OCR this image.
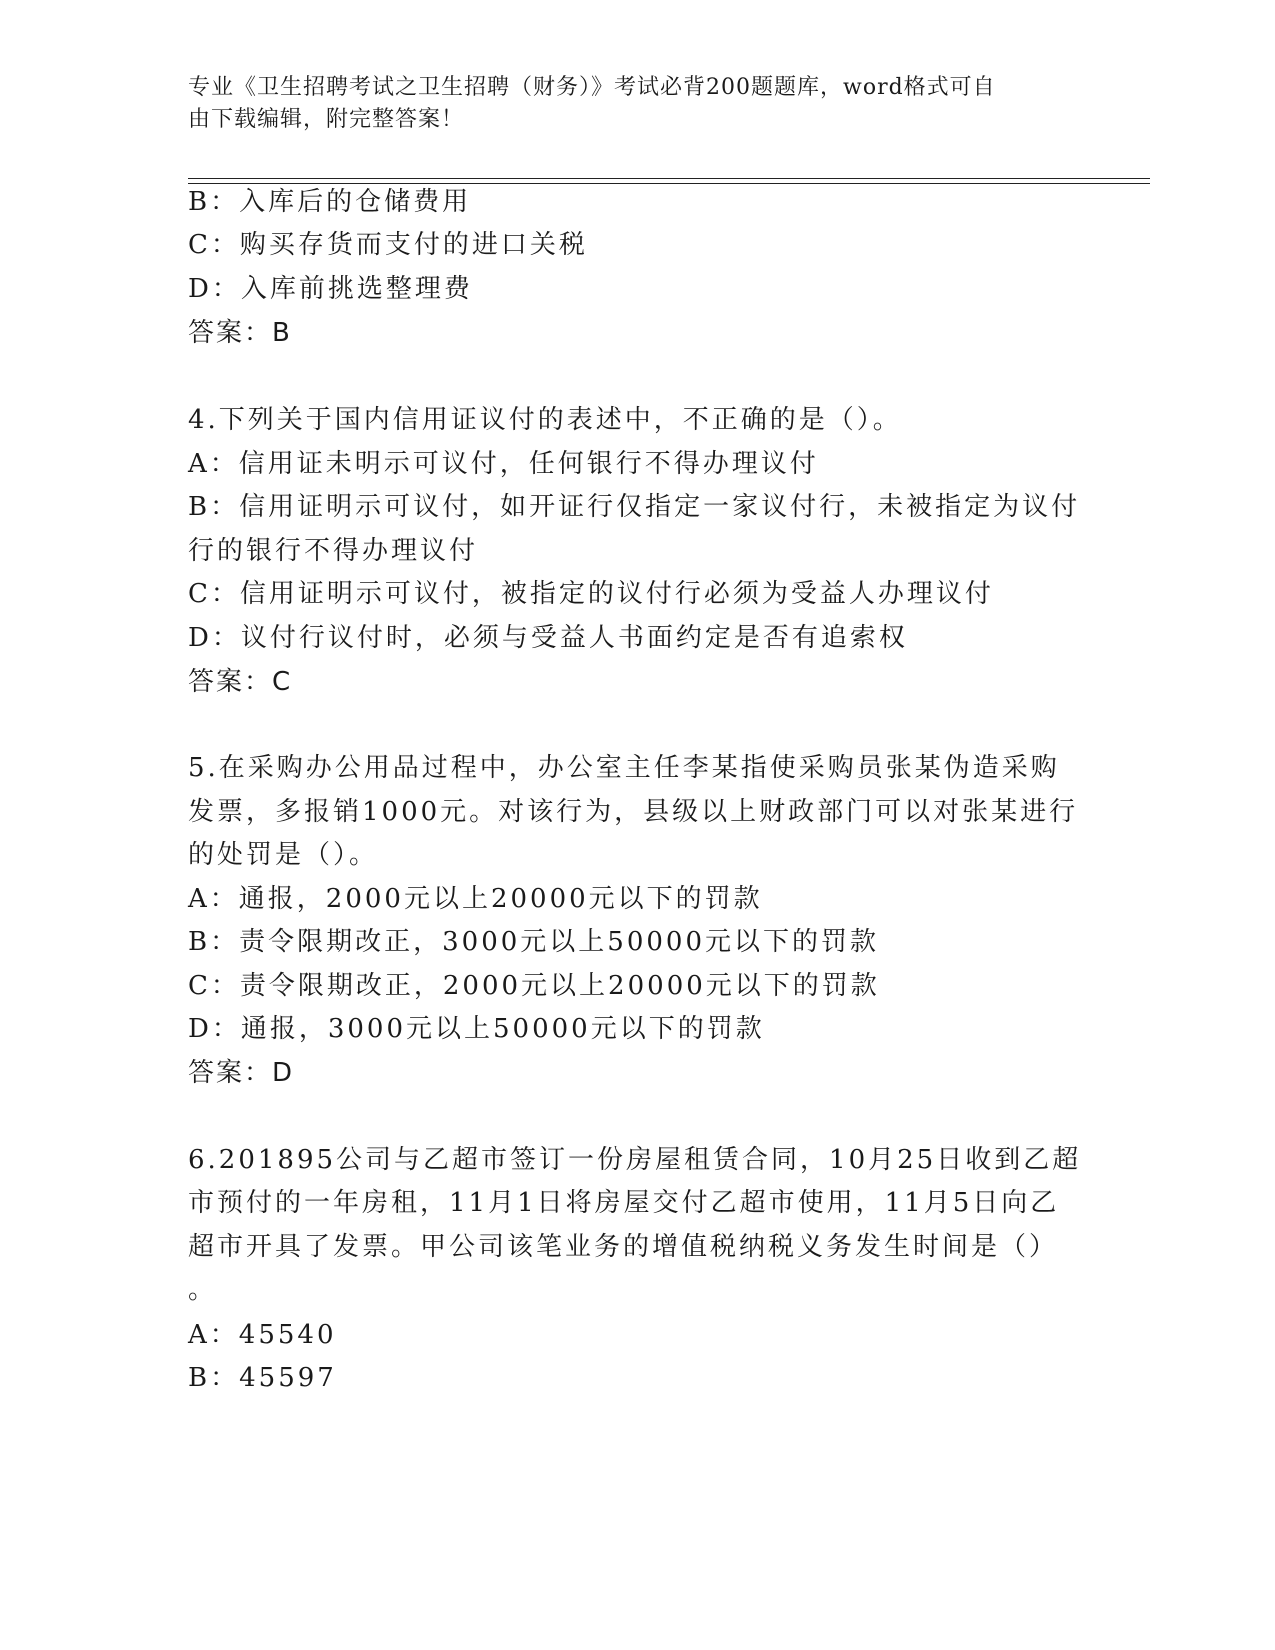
专业《卫生招聘考试之卫生招聘（财务）》考试必背200题题库，word格式可自
由下载编辑，附完整答案！
B：入库后的仓储费用
C：购买存货而支付的进口关税
D：入库前挑选整理费
答案：B
4.下列关于国内信用证议付的表述中，不正确的是（）。
A：信用证未明示可议付，任何银行不得办理议付
B：信用证明示可议付，如开证行仅指定一家议付行，未被指定为议付
行的银行不得办理议付
C：信用证明示可议付，被指定的议付行必须为受益人办理议付
D：议付行议付时，必须与受益人书面约定是否有追索权
答案：C
5.在采购办公用品过程中，办公室主任李某指使采购员张某伪造采购
发票，多报销1000元。对该行为，县级以上财政部门可以对张某进行
的处罚是（）。
A：通报，2000元以上20000元以下的罚款
B：责令限期改正，3000元以上50000元以下的罚款
C：责令限期改正，2000元以上20000元以下的罚款
D：通报，3000元以上50000元以下的罚款
答案：D
6.201895公司与乙超市签订一份房屋租赁合同，10月25日收到乙超
市预付的一年房租，11月1日将房屋交付乙超市使用，11月5日向乙
超市开具了发票。甲公司该笔业务的增值税纳税义务发生时间是（）
。
A：45540
B：45597
